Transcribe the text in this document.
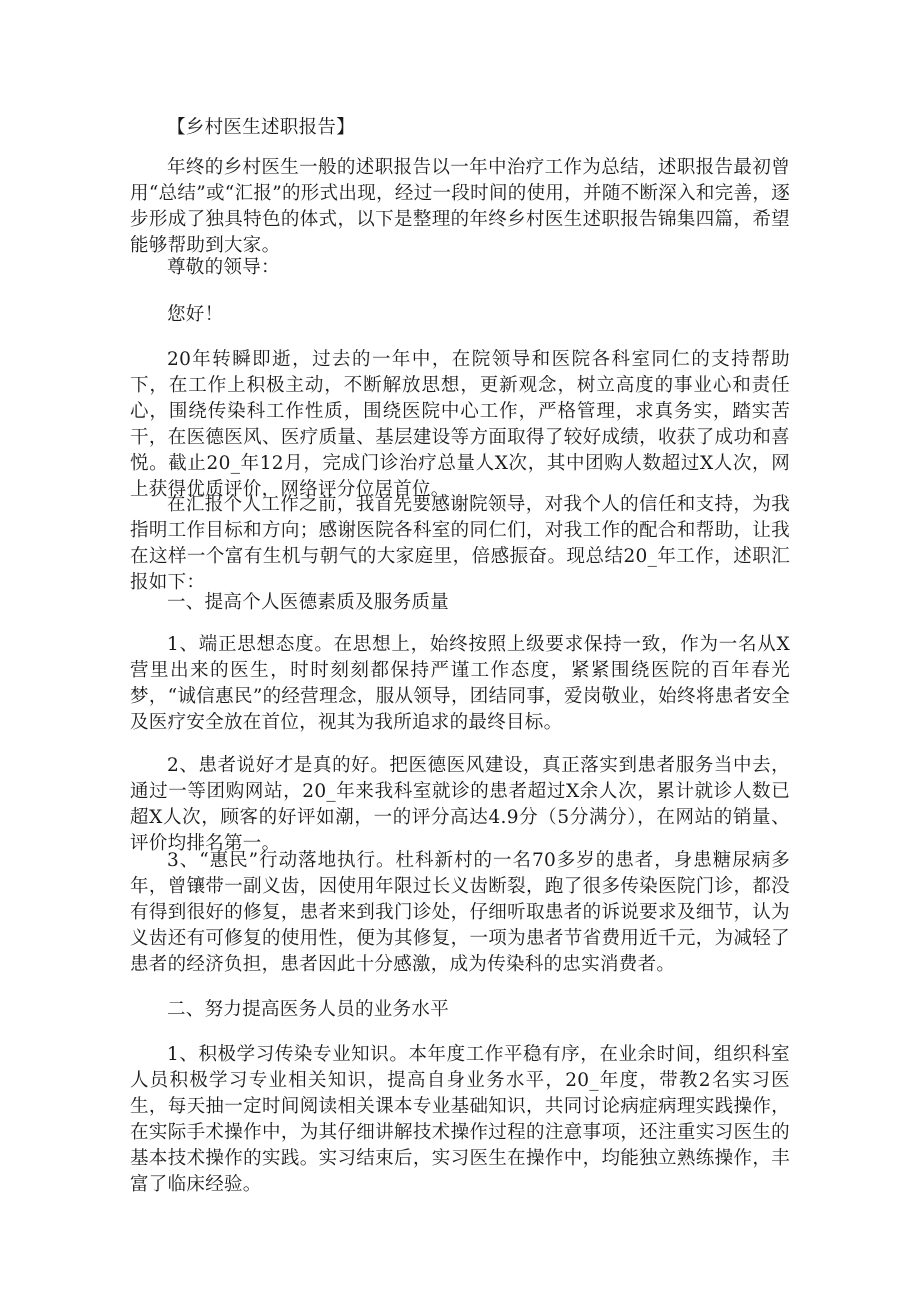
【乡村医生述职报告】

年终的乡村医生一般的述职报告以一年中治疗工作为总结，述职报告最初曾用“总结”或“汇报”的形式出现，经过一段时间的使用，并随不断深入和完善，逐步形成了独具特色的体式，以下是整理的年终乡村医生述职报告锦集四篇，希望能够帮助到大家。

尊敬的领导：

您好！

20年转瞬即逝，过去的一年中，在院领导和医院各科室同仁的支持帮助下，在工作上积极主动，不断解放思想，更新观念，树立高度的事业心和责任心，围绕传染科工作性质，围绕医院中心工作，严格管理，求真务实，踏实苦干，在医德医风、医疗质量、基层建设等方面取得了较好成绩，收获了成功和喜悦。截止20_年12月，完成门诊治疗总量人X次，其中团购人数超过X人次，网上获得优质评价，网络评分位居首位。

在汇报个人工作之前，我首先要感谢院领导，对我个人的信任和支持，为我指明工作目标和方向；感谢医院各科室的同仁们，对我工作的配合和帮助，让我在这样一个富有生机与朝气的大家庭里，倍感振奋。现总结20_年工作，述职汇报如下：

一、提高个人医德素质及服务质量

1、端正思想态度。在思想上，始终按照上级要求保持一致，作为一名从X营里出来的医生，时时刻刻都保持严谨工作态度，紧紧围绕医院的百年春光梦，“诚信惠民”的经营理念，服从领导，团结同事，爱岗敬业，始终将患者安全及医疗安全放在首位，视其为我所追求的最终目标。

2、患者说好才是真的好。把医德医风建设，真正落实到患者服务当中去，通过一等团购网站，20_年来我科室就诊的患者超过X余人次，累计就诊人数已超X人次，顾客的好评如潮，一的评分高达4.9分（5分满分），在网站的销量、评价均排名第一。

3、“惠民”行动落地执行。杜科新村的一名70多岁的患者，身患糖尿病多年，曾镶带一副义齿，因使用年限过长义齿断裂，跑了很多传染医院门诊，都没有得到很好的修复，患者来到我门诊处，仔细听取患者的诉说要求及细节，认为义齿还有可修复的使用性，便为其修复，一项为患者节省费用近千元，为减轻了患者的经济负担，患者因此十分感激，成为传染科的忠实消费者。

二、努力提高医务人员的业务水平

1、积极学习传染专业知识。本年度工作平稳有序，在业余时间，组织科室人员积极学习专业相关知识，提高自身业务水平，20_年度，带教2名实习医生，每天抽一定时间阅读相关课本专业基础知识，共同讨论病症病理实践操作，在实际手术操作中，为其仔细讲解技术操作过程的注意事项，还注重实习医生的基本技术操作的实践。实习结束后，实习医生在操作中，均能独立熟练操作，丰富了临床经验。
